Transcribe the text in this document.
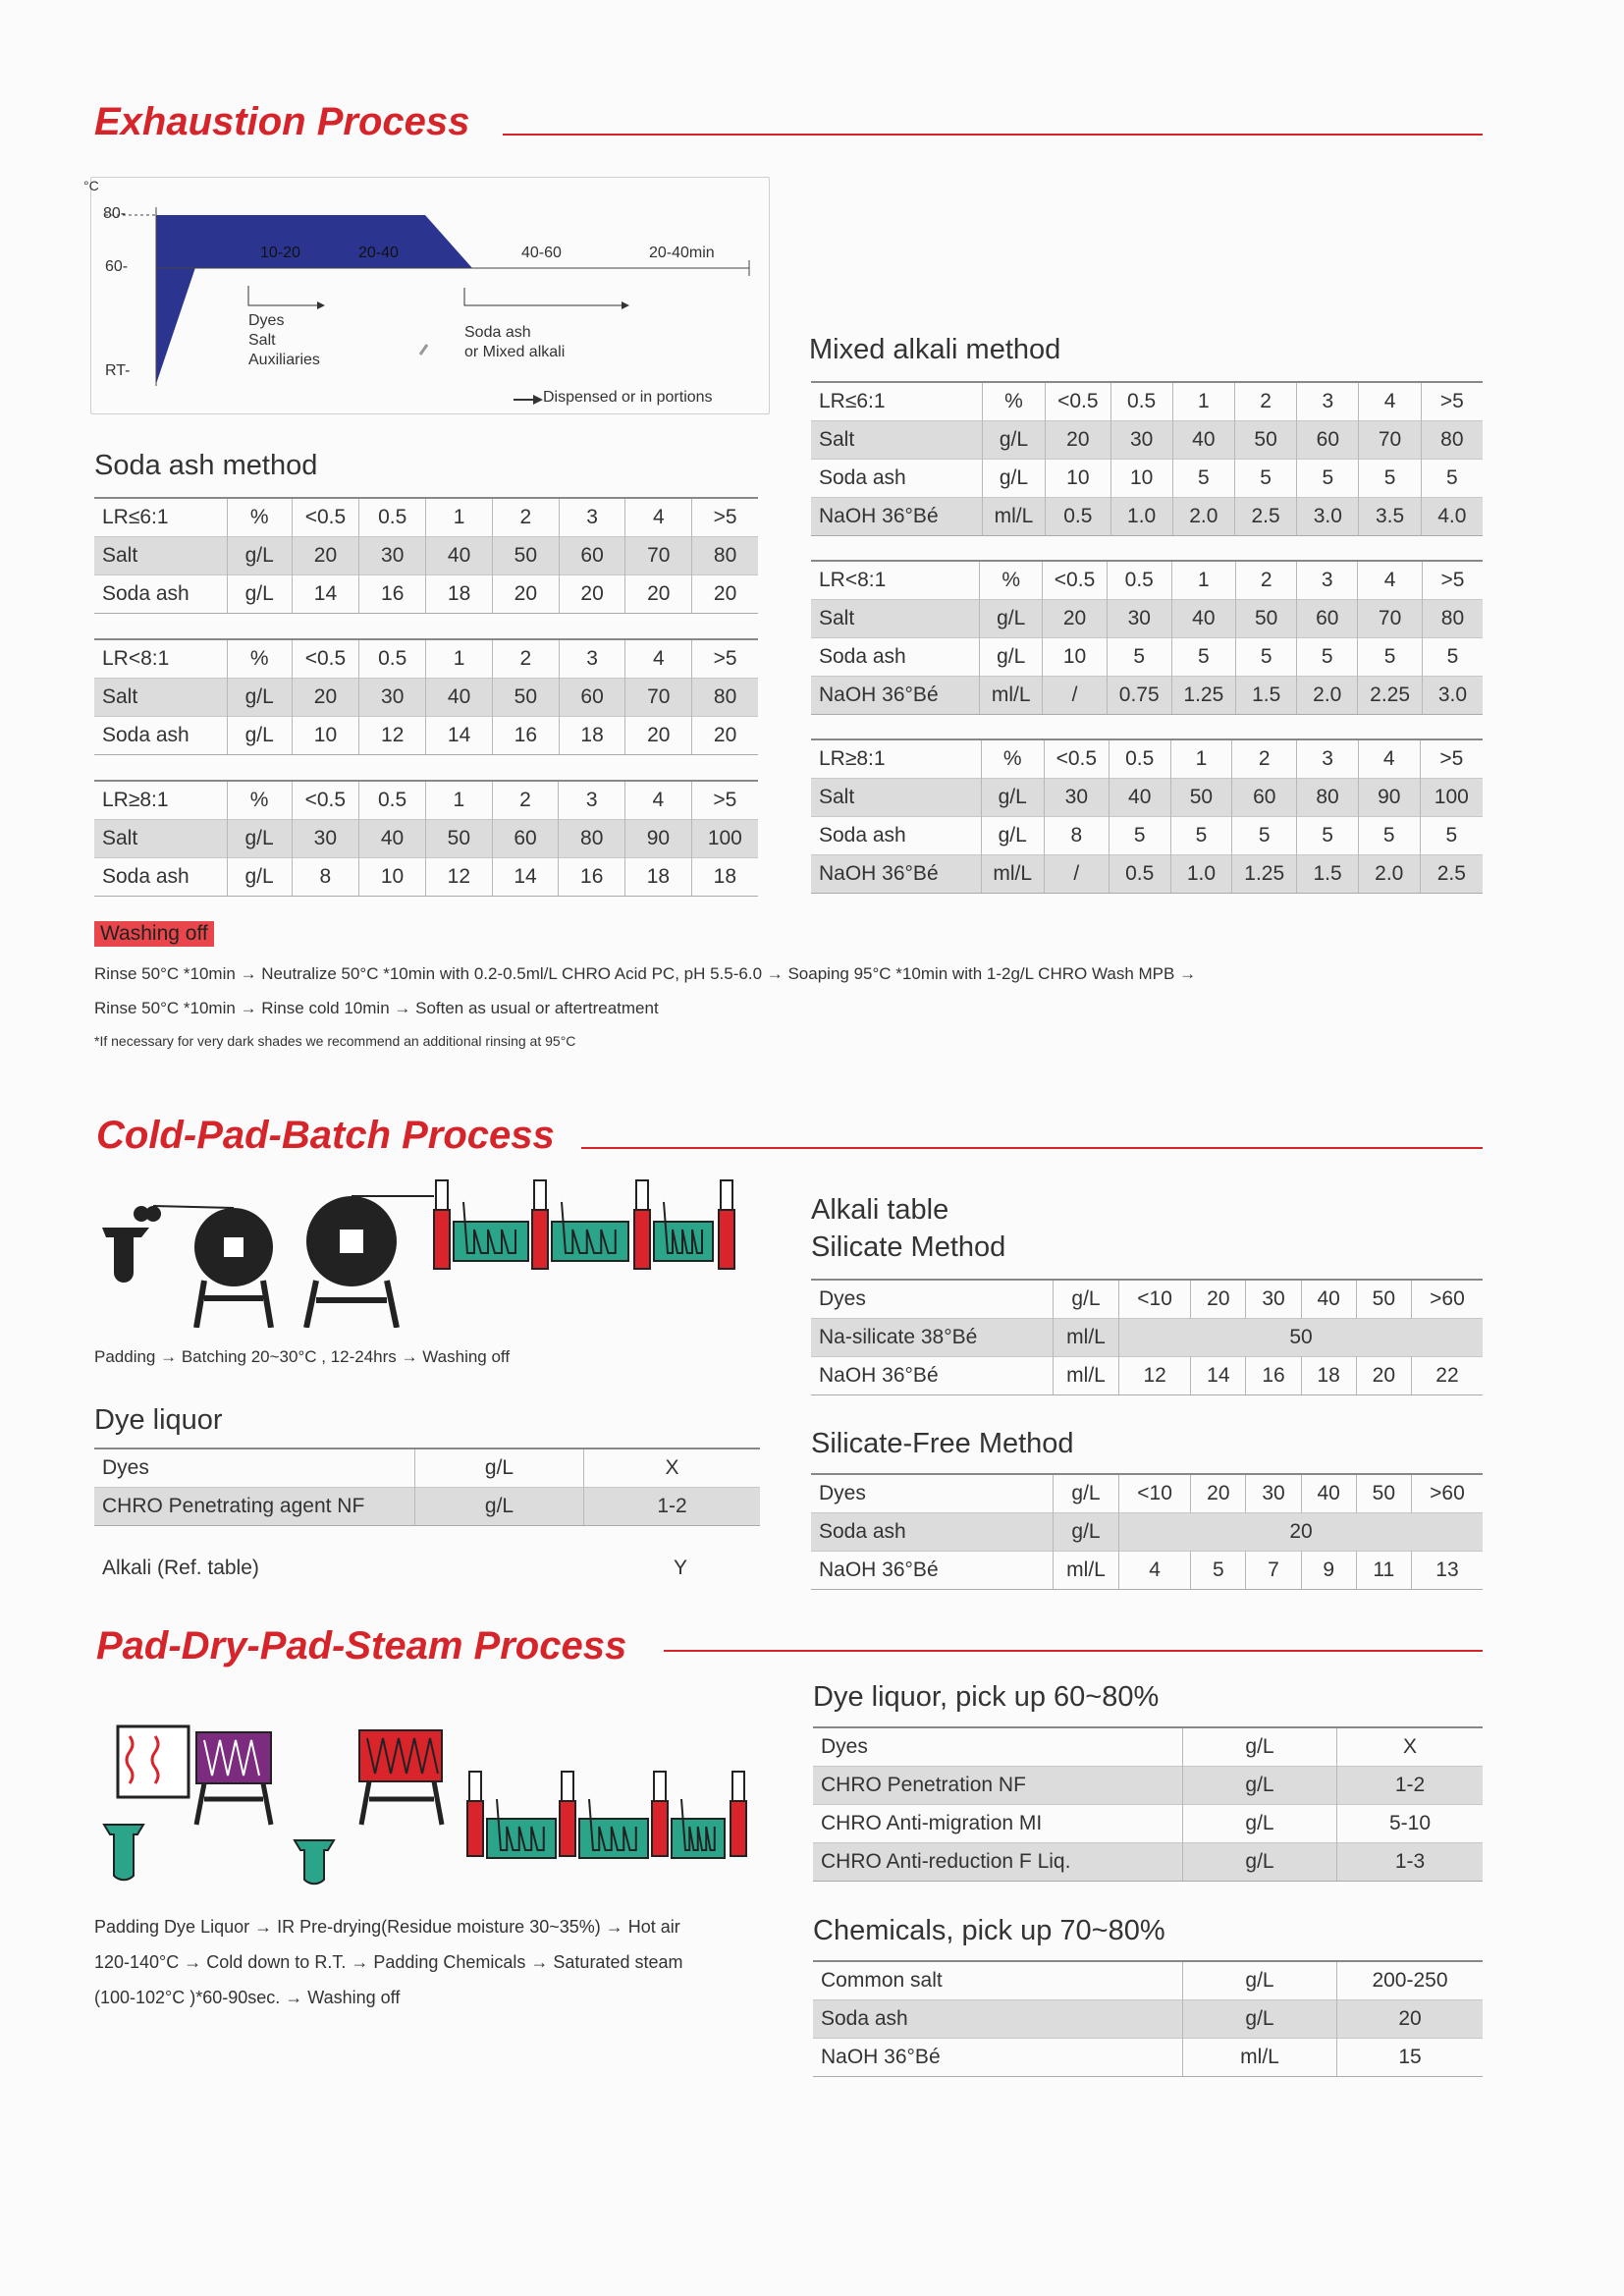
Exhaustion Process
°C
80-
60-
RT-
10-20	20-40	40-60	20-40min
Dyes
Salt
Auxiliaries
Soda ash
or Mixed alkali
Dispensed or in portions
Soda ash method
Mixed alkali method
LR≤6:1	%	<0.5	0.5	1	2	3	4	>5
Salt	g/L	20	30	40	50	60	70	80
Soda ash	g/L	14	16	18	20	20	20	20
LR<8:1	%	<0.5	0.5	1	2	3	4	>5
Salt	g/L	20	30	40	50	60	70	80
Soda ash	g/L	10	12	14	16	18	20	20
LR≥8:1	%	<0.5	0.5	1	2	3	4	>5
Salt	g/L	30	40	50	60	80	90	100
Soda ash	g/L	8	10	12	14	16	18	18
LR≤6:1	%	<0.5	0.5	1	2	3	4	>5
Salt	g/L	20	30	40	50	60	70	80
Soda ash	g/L	10	10	5	5	5	5	5
NaOH 36°Bé	ml/L	0.5	1.0	2.0	2.5	3.0	3.5	4.0
LR<8:1	%	<0.5	0.5	1	2	3	4	>5
Salt	g/L	20	30	40	50	60	70	80
Soda ash	g/L	10	5	5	5	5	5	5
NaOH 36°Bé	ml/L	/	0.75	1.25	1.5	2.0	2.25	3.0
LR≥8:1	%	<0.5	0.5	1	2	3	4	>5
Salt	g/L	30	40	50	60	80	90	100
Soda ash	g/L	8	5	5	5	5	5	5
NaOH 36°Bé	ml/L	/	0.5	1.0	1.25	1.5	2.0	2.5
Washing off
Rinse 50°C *10min → Neutralize 50°C *10min with 0.2-0.5ml/L CHRO Acid PC, pH 5.5-6.0 → Soaping 95°C *10min with 1-2g/L CHRO Wash MPB →
Rinse 50°C *10min → Rinse cold 10min → Soften as usual or aftertreatment
*If necessary for very dark shades we recommend an additional rinsing at 95°C
Cold-Pad-Batch Process
Padding → Batching 20~30°C , 12-24hrs → Washing off
Dye liquor
Dyes	g/L	X
CHRO Penetrating agent NF	g/L	1-2
Alkali (Ref. table)	Y
Alkali table
Silicate Method
Dyes	g/L	<10	20	30	40	50	>60
Na-silicate 38°Bé	ml/L	50					
NaOH 36°Bé	ml/L	12	14	16	18	20	22
Silicate-Free Method
Dyes	g/L	<10	20	30	40	50	>60
Soda ash	g/L	20					
NaOH 36°Bé	ml/L	4	5	7	9	11	13
Pad-Dry-Pad-Steam Process
Padding Dye Liquor → IR Pre-drying(Residue moisture 30~35%) → Hot air
120-140°C → Cold down to R.T. → Padding Chemicals → Saturated steam
(100-102°C )*60-90sec. → Washing off
Dye liquor, pick up 60~80%
Dyes	g/L	X
CHRO Penetration NF	g/L	1-2
CHRO Anti-migration MI	g/L	5-10
CHRO Anti-reduction F Liq.	g/L	1-3
Chemicals, pick up 70~80%
Common salt	g/L	200-250
Soda ash	g/L	20
NaOH 36°Bé	ml/L	15
